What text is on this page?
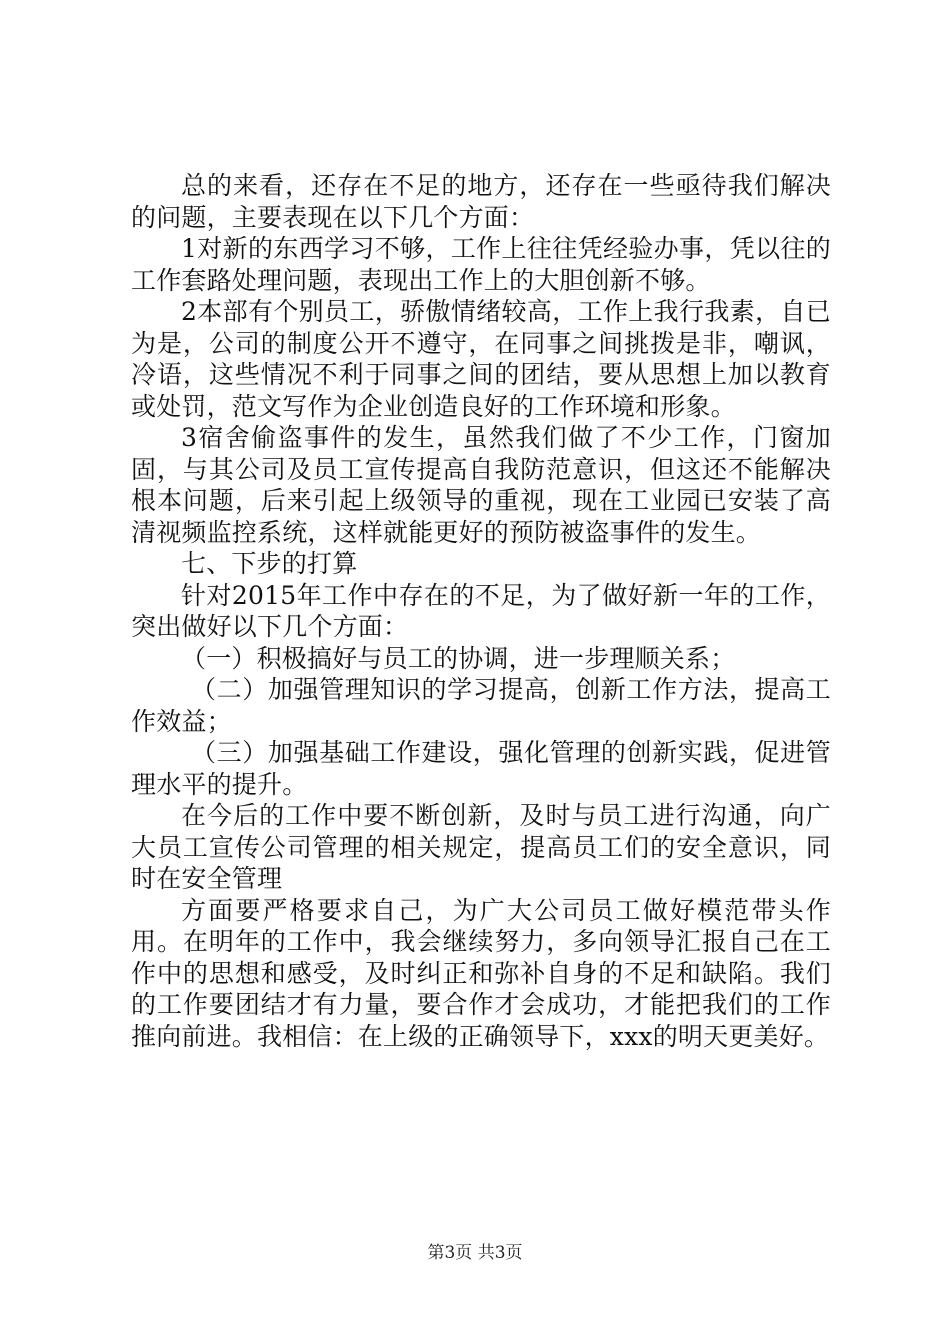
总的来看，还存在不足的地方，还存在一些亟待我们解决的问题，主要表现在以下几个方面：

1对新的东西学习不够，工作上往往凭经验办事，凭以往的工作套路处理问题，表现出工作上的大胆创新不够。

2本部有个别员工，骄傲情绪较高，工作上我行我素，自已为是，公司的制度公开不遵守，在同事之间挑拨是非，嘲讽，冷语，这些情况不利于同事之间的团结，要从思想上加以教育或处罚，范文写作为企业创造良好的工作环境和形象。

3宿舍偷盗事件的发生，虽然我们做了不少工作，门窗加固，与其公司及员工宣传提高自我防范意识，但这还不能解决根本问题，后来引起上级领导的重视，现在工业园已安装了高清视频监控系统，这样就能更好的预防被盗事件的发生。

七、下步的打算

针对2015年工作中存在的不足，为了做好新一年的工作，突出做好以下几个方面：

（一）积极搞好与员工的协调，进一步理顺关系；

（二）加强管理知识的学习提高，创新工作方法，提高工作效益；

（三）加强基础工作建设，强化管理的创新实践，促进管理水平的提升。

在今后的工作中要不断创新，及时与员工进行沟通，向广大员工宣传公司管理的相关规定，提高员工们的安全意识，同时在安全管理

方面要严格要求自己，为广大公司员工做好模范带头作用。在明年的工作中，我会继续努力，多向领导汇报自己在工作中的思想和感受，及时纠正和弥补自身的不足和缺陷。我们的工作要团结才有力量，要合作才会成功，才能把我们的工作推向前进。我相信：在上级的正确领导下，xxx的明天更美好。

第3页 共3页
